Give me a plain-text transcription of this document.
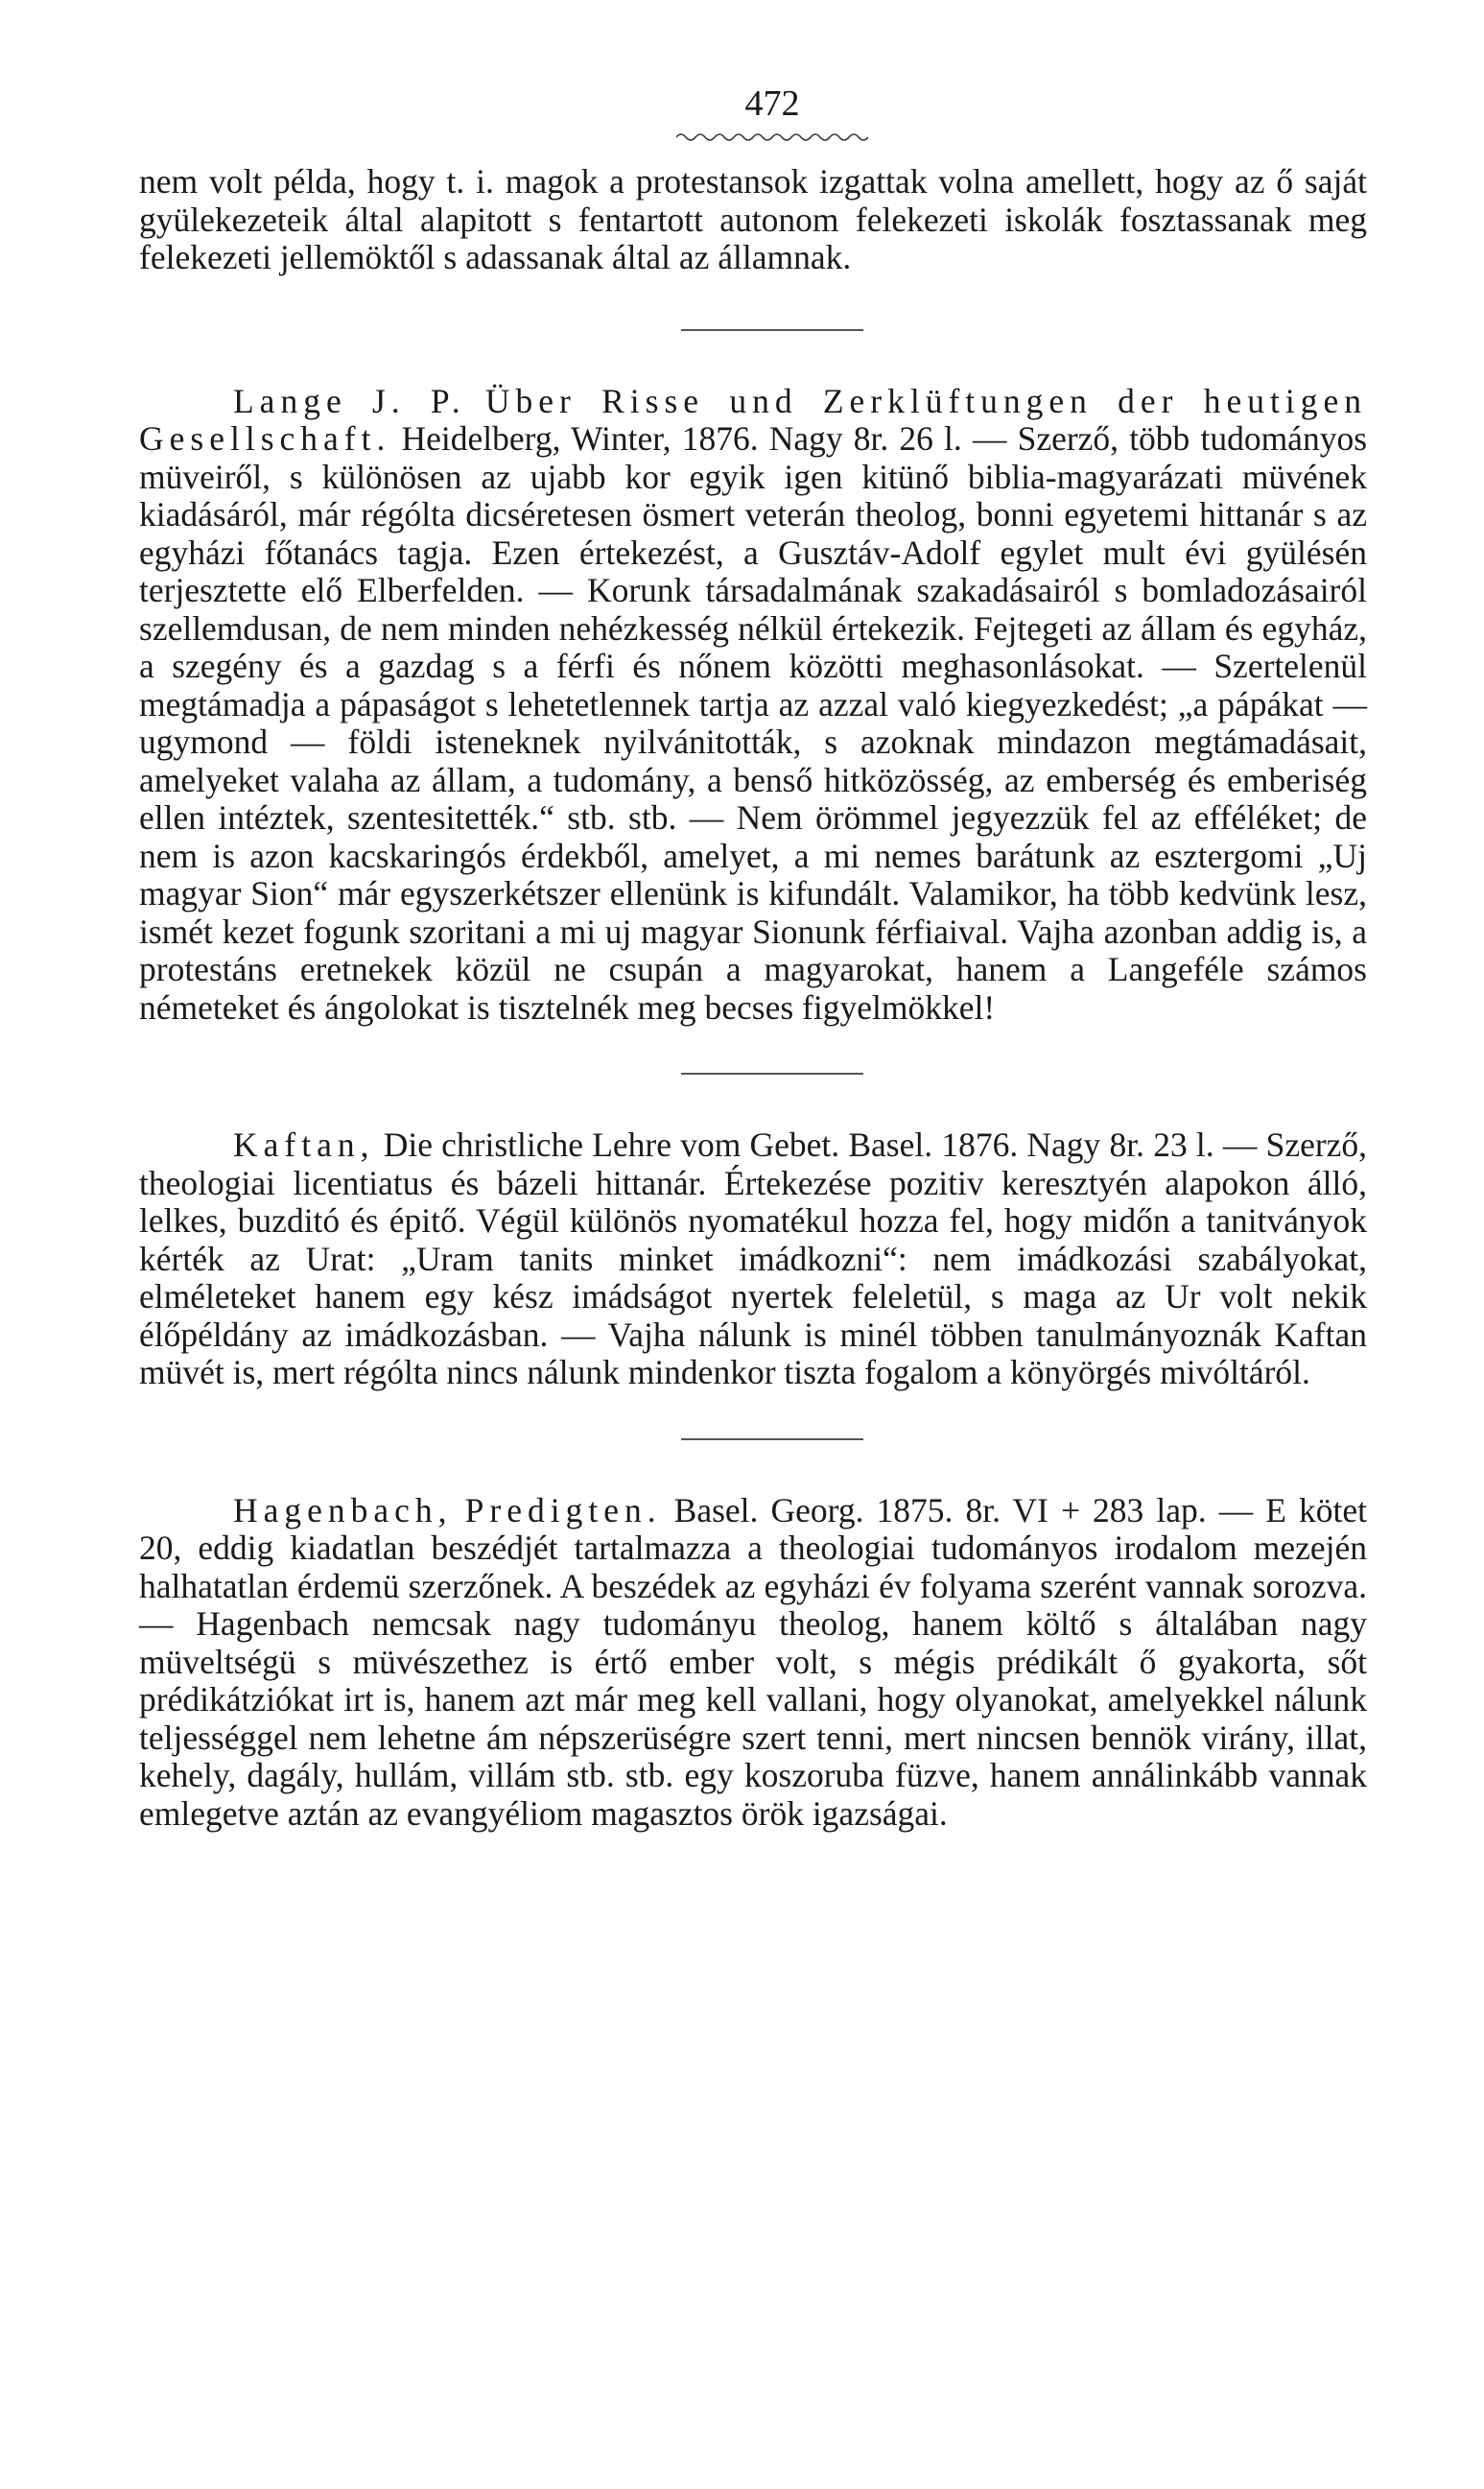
472

nem volt példa, hogy t. i. magok a protestansok izgattak volna amellett, hogy az ő saját gyülekezeteik által alapitott s fentartott autonom felekezeti iskolák fosztassanak meg felekezeti jellemöktől s adassanak által az államnak.

Lange J. P. Über Risse und Zerklüftungen der heutigen Gesellschaft. Heidelberg, Winter, 1876. Nagy 8r. 26 l. — Szerző, több tudományos müveiről, s különösen az ujabb kor egyik igen kitünő biblia-magyarázati müvének kiadásáról, már régólta dicséretesen ösmert veterán theolog, bonni egyetemi hittanár s az egyházi főtanács tagja. Ezen értekezést, a Gusztáv-Adolf egylet mult évi gyülésén terjesztette elő Elberfelden. — Korunk társadalmának szakadásairól s bomladozásairól szellemdusan, de nem minden nehézkesség nélkül értekezik. Fejtegeti az állam és egyház, a szegény és a gazdag s a férfi és nőnem közötti meghasonlásokat. — Szertelenül megtámadja a pápaságot s lehetetlennek tartja az azzal való kiegyezkedést; „a pápákat — ugymond — földi isteneknek nyilvánitották, s azoknak mindazon megtámadásait, amelyeket valaha az állam, a tudomány, a benső hitközösség, az emberség és emberiség ellen intéztek, szentesitették.“ stb. stb. — Nem örömmel jegyezzük fel az efféléket; de nem is azon kacskaringós érdekből, amelyet, a mi nemes barátunk az esztergomi „Uj magyar Sion“ már egyszerkétszer ellenünk is kifundált. Valamikor, ha több kedvünk lesz, ismét kezet fogunk szoritani a mi uj magyar Sionunk férfiaival. Vajha azonban addig is, a protestáns eretnekek közül ne csupán a magyarokat, hanem a Langeféle számos németeket és ángolokat is tisztelnék meg becses figyelmökkel!

Kaftan, Die christliche Lehre vom Gebet. Basel. 1876. Nagy 8r. 23 l. — Szerző, theologiai licentiatus és bázeli hittanár. Értekezése pozitiv keresztyén alapokon álló, lelkes, buzditó és épitő. Végül különös nyomatékul hozza fel, hogy midőn a tanitványok kérték az Urat: „Uram tanits minket imádkozni“: nem imádkozási szabályokat, elméleteket hanem egy kész imádságot nyertek feleletül, s maga az Ur volt nekik élőpéldány az imádkozásban. — Vajha nálunk is minél többen tanulmányoznák Kaftan müvét is, mert régólta nincs nálunk mindenkor tiszta fogalom a könyörgés mivóltáról.

Hagenbach, Predigten. Basel. Georg. 1875. 8r. VI + 283 lap. — E kötet 20, eddig kiadatlan beszédjét tartalmazza a theologiai tudományos irodalom mezején halhatatlan érdemü szerzőnek. A beszédek az egyházi év folyama szerént vannak sorozva. — Hagenbach nemcsak nagy tudományu theolog, hanem költő s általában nagy müveltségü s müvészethez is értő ember volt, s mégis prédikált ő gyakorta, sőt prédikátziókat irt is, hanem azt már meg kell vallani, hogy olyanokat, amelyekkel nálunk teljességgel nem lehetne ám népszerüségre szert tenni, mert nincsen bennök virány, illat, kehely, dagály, hullám, villám stb. stb. egy koszoruba füzve, hanem annálinkább vannak emlegetve aztán az evangyéliom magasztos örök igazságai.
